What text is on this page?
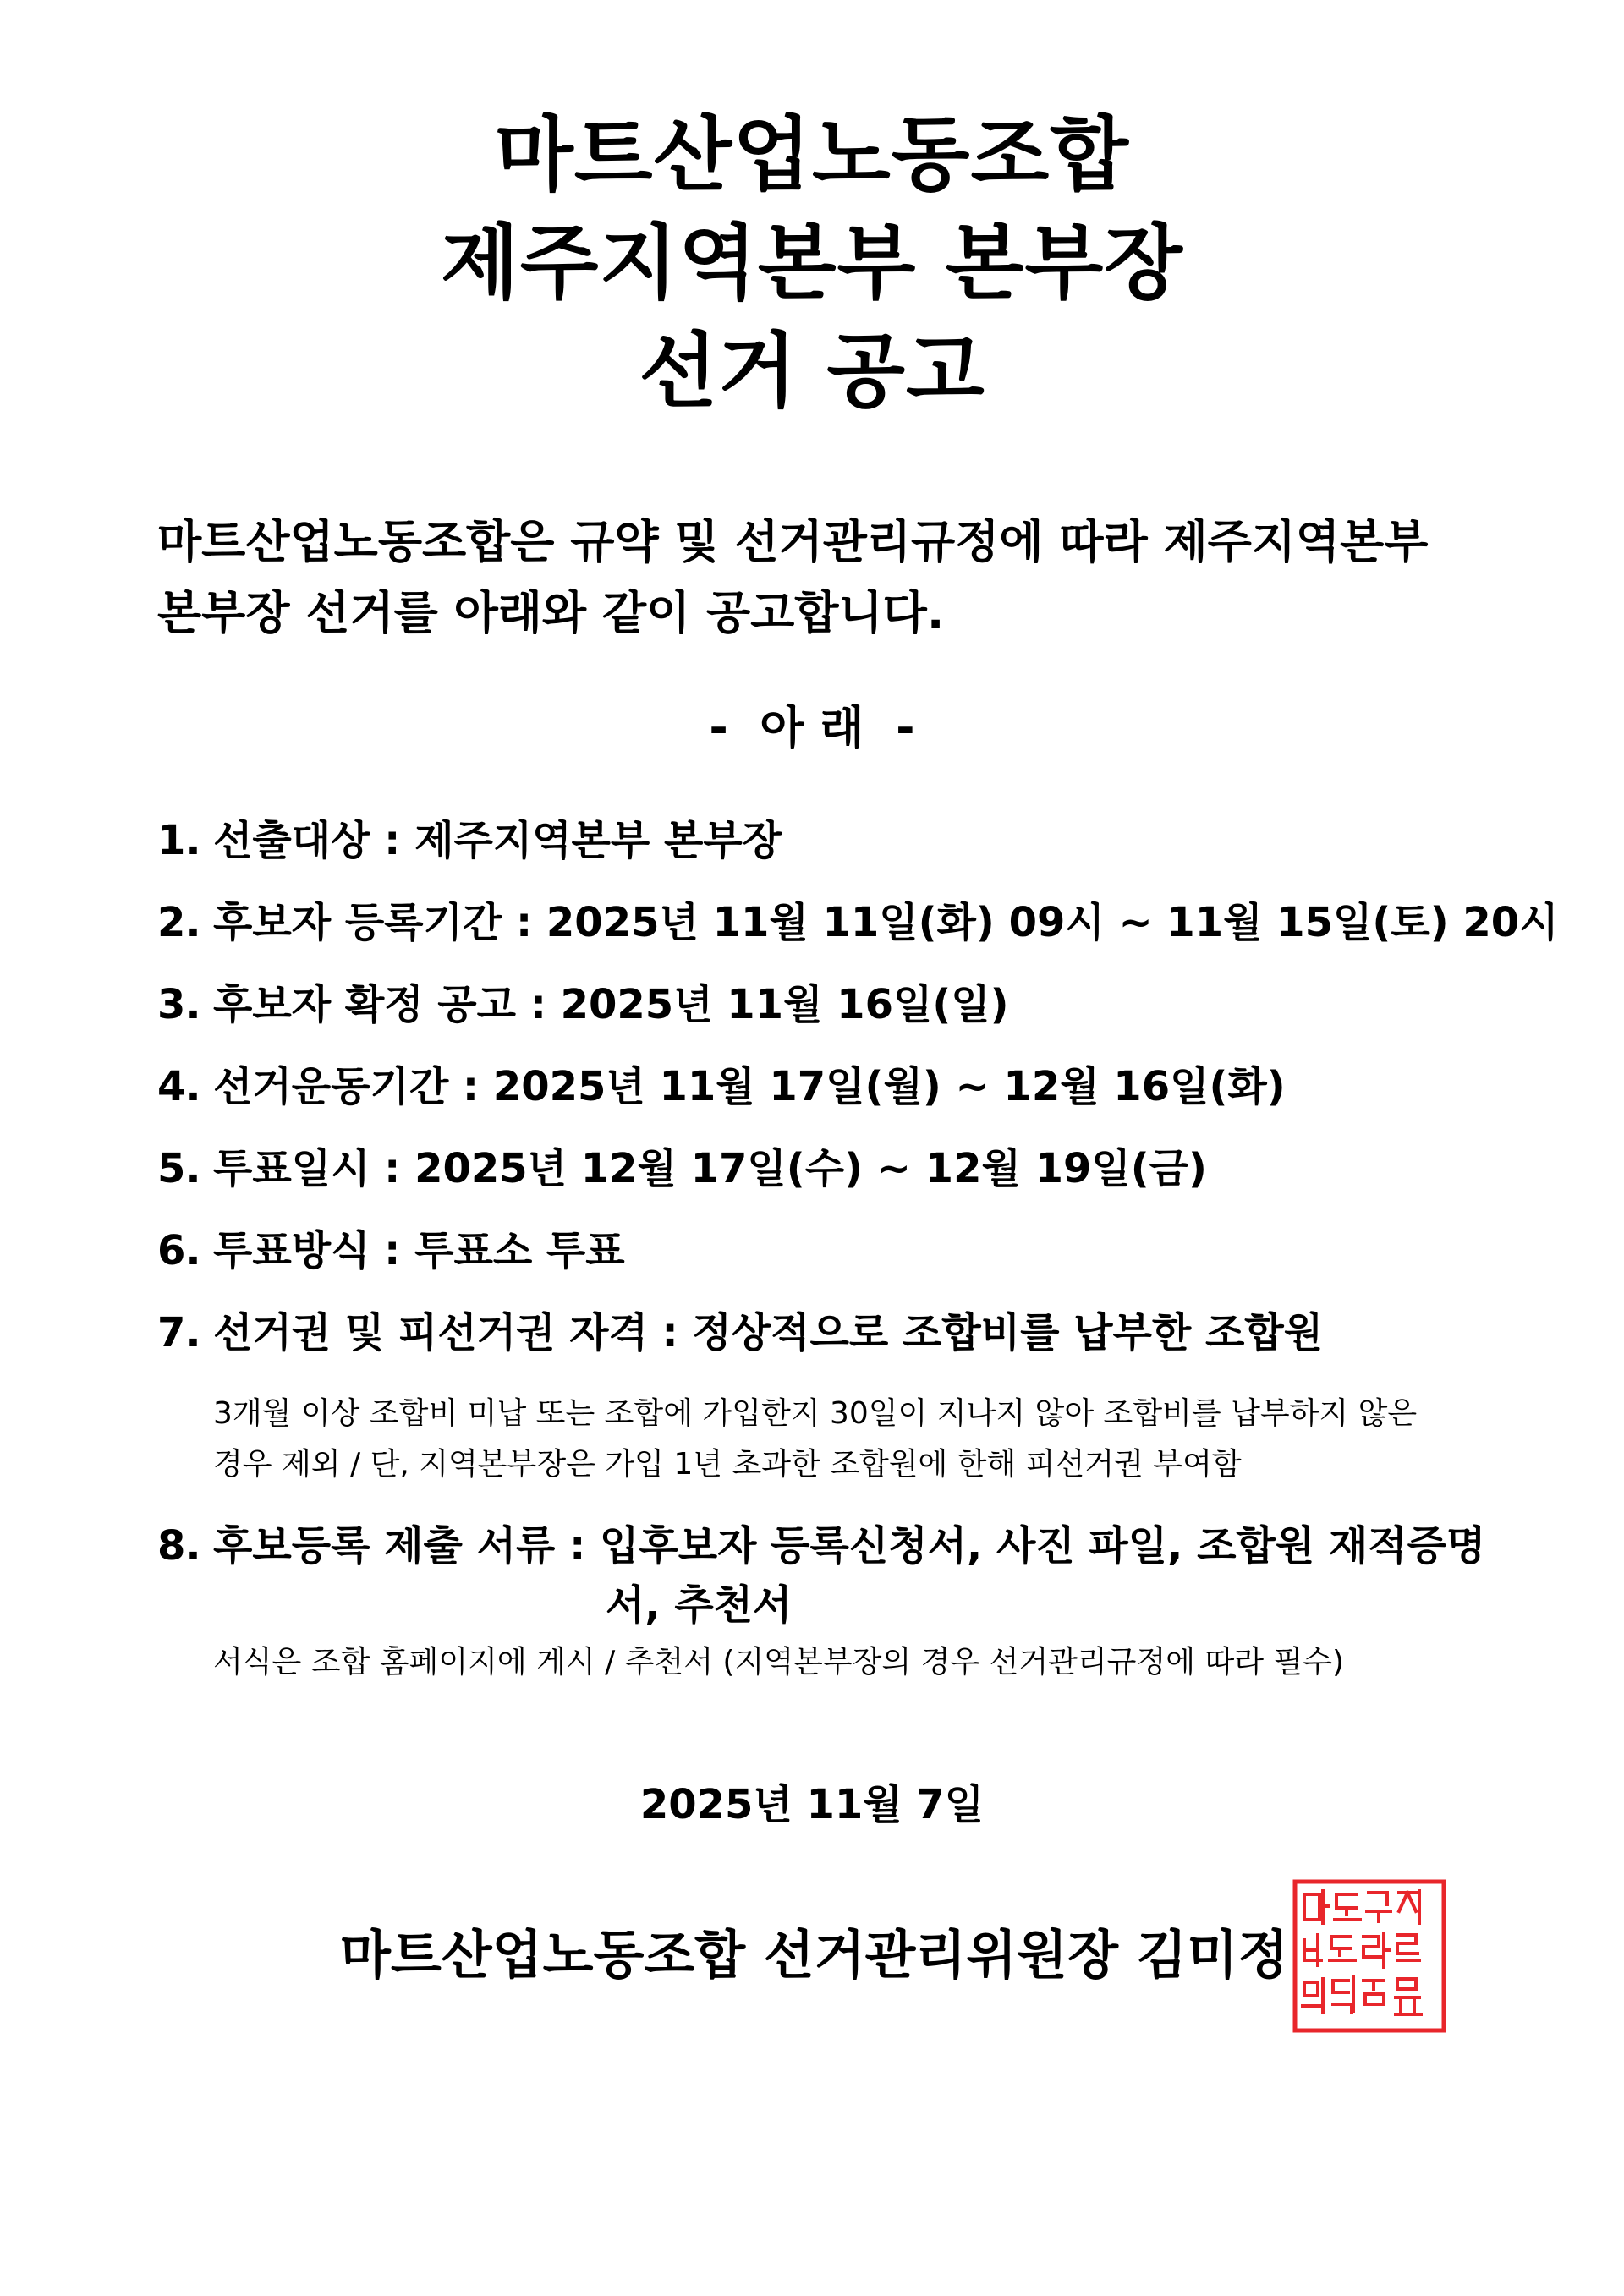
마트산업노동조합
제주지역본부 본부장
선거 공고
마트산업노동조합은 규약 및 선거관리규정에 따라 제주지역본부
본부장 선거를 아래와 같이 공고합니다.
-  아 래  -
1. 선출대상 : 제주지역본부 본부장
2. 후보자 등록기간 : 2025년 11월 11일(화) 09시 ~ 11월 15일(토) 20시
3. 후보자 확정 공고 : 2025년 11월 16일(일)
4. 선거운동기간 : 2025년 11월 17일(월) ~ 12월 16일(화)
5. 투표일시 : 2025년 12월 17일(수) ~ 12월 19일(금)
6. 투표방식 : 투표소 투표
7. 선거권 및 피선거권 자격 : 정상적으로 조합비를 납부한 조합원
3개월 이상 조합비 미납 또는 조합에 가입한지 30일이 지나지 않아 조합비를 납부하지 않은
경우 제외 / 단, 지역본부장은 가입 1년 초과한 조합원에 한해 피선거권 부여함
8. 후보등록 제출 서류 : 입후보자 등록신청서, 사진 파일, 조합원 재적증명
서, 추천서
서식은 조합 홈페이지에 게시 / 추천서 (지역본부장의 경우 선거관리규정에 따라 필수)
2025년 11월 7일
마트산업노동조합 선거관리위원장 김미정
